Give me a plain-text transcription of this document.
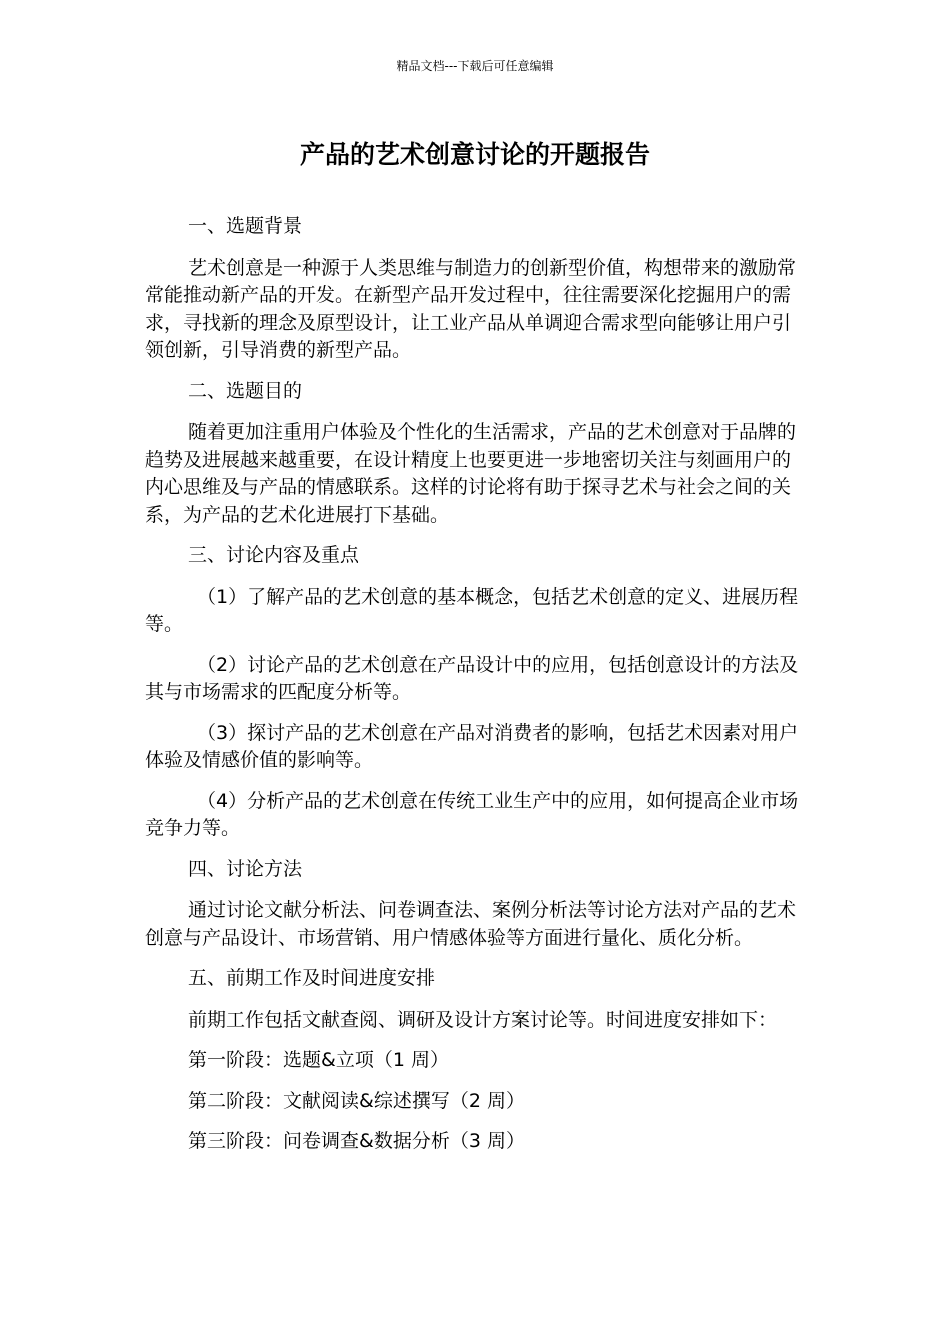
精品文档---下载后可任意编辑
产品的艺术创意讨论的开题报告

一、选题背景

艺术创意是一种源于人类思维与制造力的创新型价值，构想带来的激励常常能推动新产品的开发。在新型产品开发过程中，往往需要深化挖掘用户的需求，寻找新的理念及原型设计，让工业产品从单调迎合需求型向能够让用户引领创新，引导消费的新型产品。

二、选题目的

随着更加注重用户体验及个性化的生活需求，产品的艺术创意对于品牌的趋势及进展越来越重要，在设计精度上也要更进一步地密切关注与刻画用户的内心思维及与产品的情感联系。这样的讨论将有助于探寻艺术与社会之间的关系，为产品的艺术化进展打下基础。

三、讨论内容及重点

（1）了解产品的艺术创意的基本概念，包括艺术创意的定义、进展历程等。

（2）讨论产品的艺术创意在产品设计中的应用，包括创意设计的方法及其与市场需求的匹配度分析等。

（3）探讨产品的艺术创意在产品对消费者的影响，包括艺术因素对用户体验及情感价值的影响等。

（4）分析产品的艺术创意在传统工业生产中的应用，如何提高企业市场竞争力等。

四、讨论方法

通过讨论文献分析法、问卷调查法、案例分析法等讨论方法对产品的艺术创意与产品设计、市场营销、用户情感体验等方面进行量化、质化分析。

五、前期工作及时间进度安排

前期工作包括文献查阅、调研及设计方案讨论等。时间进度安排如下：

第一阶段：选题&立项（1 周）

第二阶段：文献阅读&综述撰写（2 周）

第三阶段：问卷调查&数据分析（3 周）
